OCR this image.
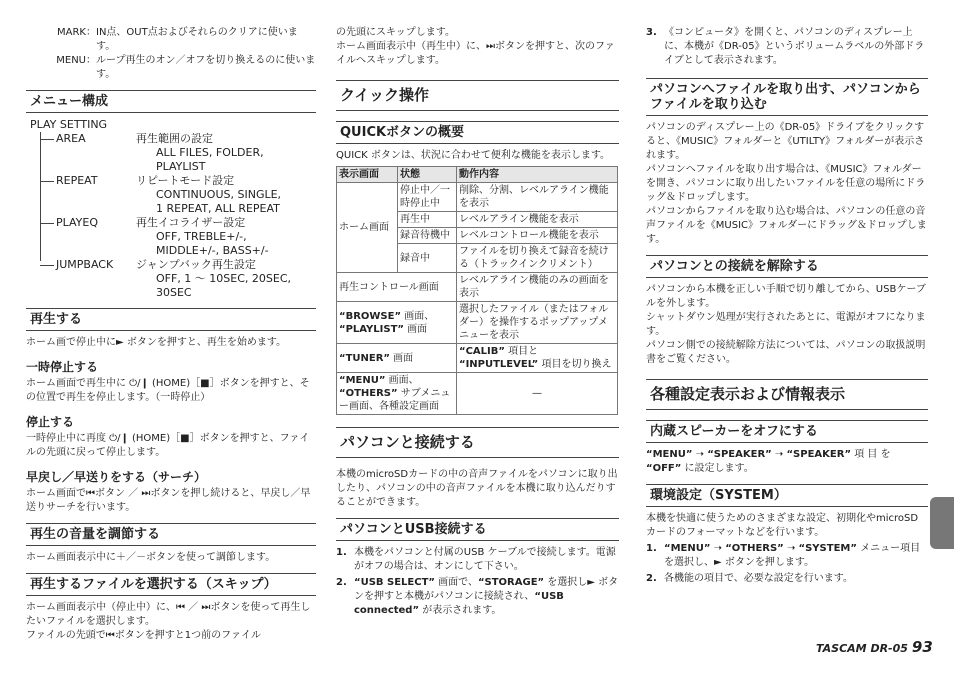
MARK： IN点、OUT点およびそれらのクリアに使います。
MENU： ループ再生のオン／オフを切り換えるのに使います。
メニュー構成
PLAY SETTING
AREA	再生範囲の設定
ALL FILES, FOLDER,
PLAYLIST
REPEAT	リピートモード設定
CONTINUOUS, SINGLE,
1 REPEAT, ALL REPEAT
PLAYEQ	再生イコライザー設定
OFF, TREBLE+/-,
MIDDLE+/-, BASS+/-
JUMPBACK	ジャンプバック再生設定
OFF, 1 ～ 10SEC, 20SEC,
30SEC
再生する

ホーム画で停止中に► ボタンを押すと、再生を始めます。

一時停止する

ホーム画面で再生中に ⏻/❙ (HOME)［■］ボタンを押すと、その位置で再生を停止します。（一時停止）

停止する

一時停止中に再度 ⏻/❙ (HOME)［■］ボタンを押すと、ファイルの先頭に戻って停止します。

早戻し／早送りをする（サーチ）

ホーム画面で⏮ボタン ／ ⏭ボタンを押し続けると、早戻し／早送りサーチを行います。

再生の音量を調節する

ホーム画面表示中に＋／－ボタンを使って調節します。

再生するファイルを選択する（スキップ）

ホーム画面表示中（停止中）に、⏮ ／ ⏭ボタンを使って再生したいファイルを選択します。

ファイルの先頭で⏮ボタンを押すと1つ前のファイル

の先頭にスキップします。

ホーム画面表示中（再生中）に、⏭ボタンを押すと、次のファイルへスキップします。

クイック操作
QUICKボタンの概要

QUICK ボタンは、状況に合わせて便利な機能を表示します。

表示画面	状態	動作内容
ホーム画面	停止中／一時停止中	削除、分割、レベルアライン機能を表示
	再生中	レベルアライン機能を表示
	録音待機中	レベルコントロール機能を表示
	録音中	ファイルを切り換えて録音を続ける（トラックインクリメント）
再生コントロール画面		レベルアライン機能のみの画面を表示
“BROWSE” 画面、
“PLAYLIST” 画面		選択したファイル（またはフォルダー）を操作するポップアップメニューを表示
“TUNER” 画面		“CALIB” 項目と “INPUTLEVEL” 項目を切り換え
“MENU” 画面、
“OTHERS” サブメニュー画面、各種設定画面		—
パソコンと接続する

本機のmicroSDカードの中の音声ファイルをパソコンに取り出したり、パソコンの中の音声ファイルを本機に取り込んだりすることができます。

パソコンとUSB接続する
1. 本機をパソコンと付属のUSB ケーブルで接続します。電源がオフの場合は、オンにして下さい。
2. “USB SELECT” 画面で、“STORAGE” を選択し► ボタンを押すと本機がパソコンに接続され、“USB connected” が表示されます。
3. 《コンピュータ》を開くと、パソコンのディスプレー上に、本機が《DR-05》というボリュームラベルの外部ドライブとして表示されます。
パソコンへファイルを取り出す、パソコンからファイルを取り込む

パソコンのディスプレー上の《DR-05》ドライブをクリックすると、《MUSIC》フォルダーと《UTILTY》フォルダーが表示されます。

パソコンへファイルを取り出す場合は、《MUSIC》フォルダーを開き、パソコンに取り出したいファイルを任意の場所にドラッグ＆ドロップします。

パソコンからファイルを取り込む場合は、パソコンの任意の音声ファイルを《MUSIC》フォルダーにドラッグ＆ドロップします。

パソコンとの接続を解除する

パソコンから本機を正しい手順で切り離してから、USBケーブルを外します。

シャットダウン処理が実行されたあとに、電源がオフになります。

パソコン側での接続解除方法については、パソコンの取扱説明書をご覧ください。

各種設定表示および情報表示
内蔵スピーカーをオフにする

“MENU” ➝ “SPEAKER” ➝ “SPEAKER” 項 目 を “OFF” に設定します。

環境設定（SYSTEM）

本機を快適に使うためのさまざまな設定、初期化やmicroSDカードのフォーマットなどを行います。

1. “MENU” ➝ “OTHERS” ➝ “SYSTEM” メニュー項目を選択し、► ボタンを押します。
2. 各機能の項目で、必要な設定を行います。
TASCAM DR-05 93
